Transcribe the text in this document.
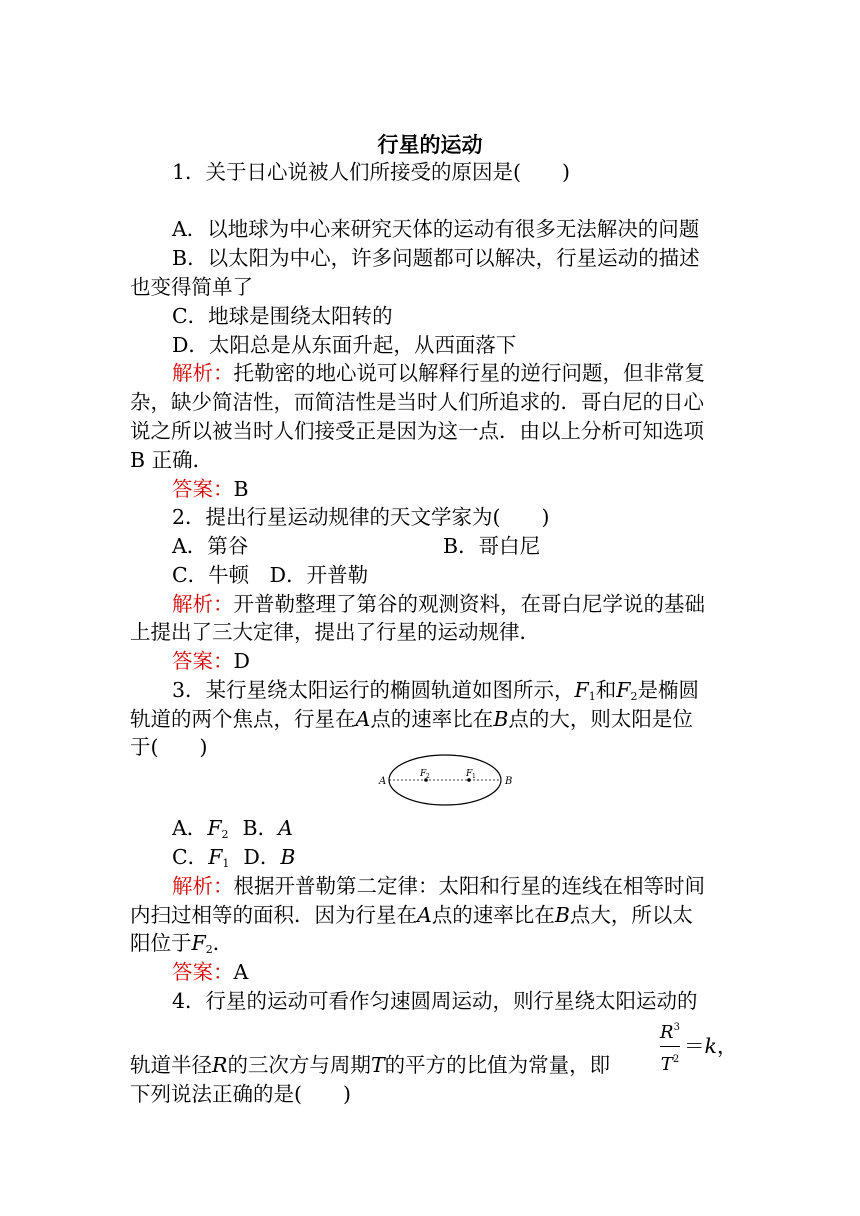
行星的运动
1．关于日心说被人们所接受的原因是(　　)
A．以地球为中心来研究天体的运动有很多无法解决的问题
B．以太阳为中心，许多问题都可以解决，行星运动的描述
也变得简单了
C．地球是围绕太阳转的
D．太阳总是从东面升起，从西面落下
解析：托勒密的地心说可以解释行星的逆行问题，但非常复
杂，缺少简洁性，而简洁性是当时人们所追求的．哥白尼的日心
说之所以被当时人们接受正是因为这一点．由以上分析可知选项
B 正确．
答案：B
2．提出行星运动规律的天文学家为(　　)
A．第谷	B．哥白尼
C．牛顿　D．开普勒
解析：开普勒整理了第谷的观测资料，在哥白尼学说的基础
上提出了三大定律，提出了行星的运动规律．
答案：D
3．某行星绕太阳运行的椭圆轨道如图所示，$F_1$和$F_2$是椭圆
轨道的两个焦点，行星在A点的速率比在B点的大，则太阳是位
于(　　)
A	B
F 2	F 1
A．$F_2$ B．A
C．$F_1$ D．B
解析：根据开普勒第二定律：太阳和行星的连线在相等时间
内扫过相等的面积．因为行星在A点的速率比在B点大，所以太
阳位于$F_2$．
答案：A
4．行星的运动可看作匀速圆周运动，则行星绕太阳运动的
轨道半径R的三次方与周期T的平方的比值为常量，即
$R^3$
$T^2$
＝k，
下列说法正确的是(　　)
